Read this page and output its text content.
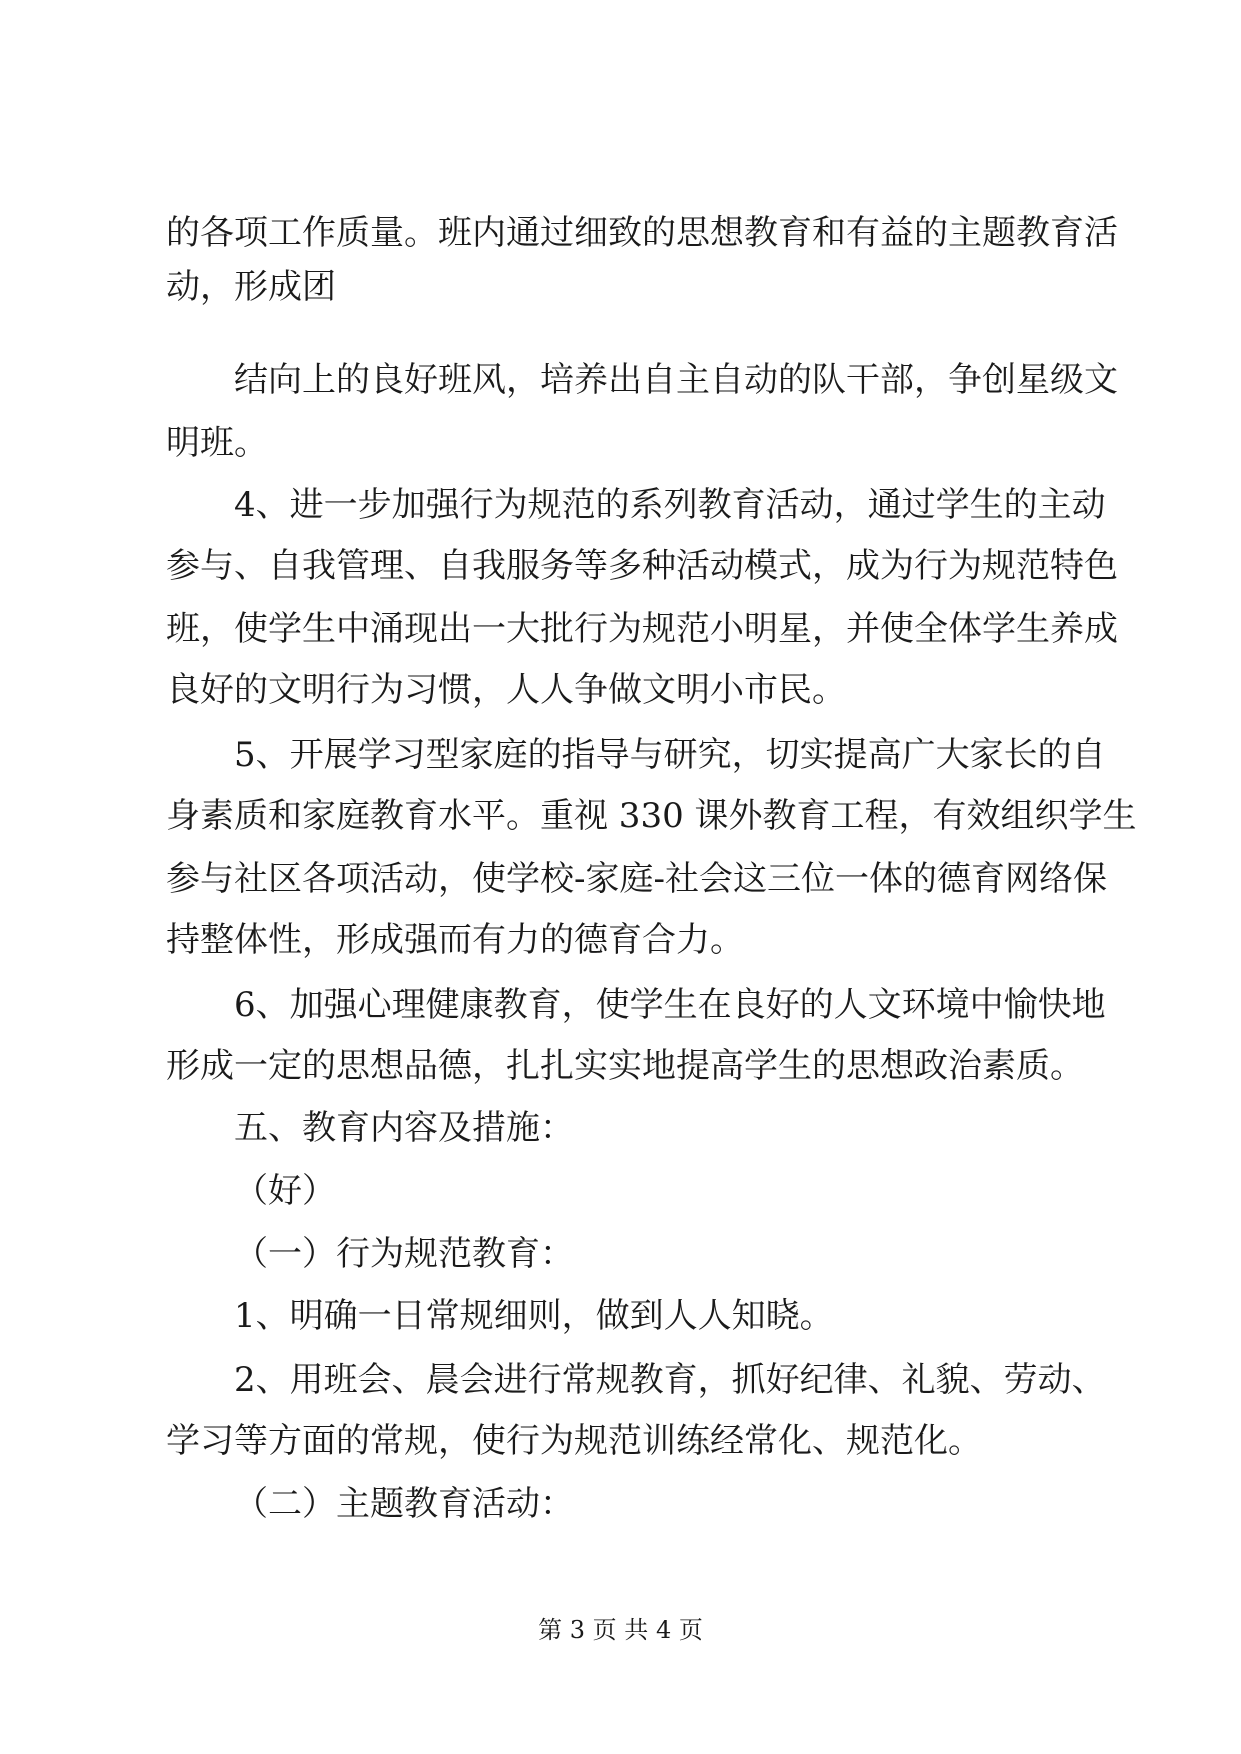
的各项工作质量。班内通过细致的思想教育和有益的主题教育活
动，形成团
结向上的良好班风，培养出自主自动的队干部，争创星级文
明班。
4、进一步加强行为规范的系列教育活动，通过学生的主动
参与、自我管理、自我服务等多种活动模式，成为行为规范特色
班，使学生中涌现出一大批行为规范小明星，并使全体学生养成
良好的文明行为习惯，人人争做文明小市民。
5、开展学习型家庭的指导与研究，切实提高广大家长的自
身素质和家庭教育水平。重视 330 课外教育工程，有效组织学生
参与社区各项活动，使学校-家庭-社会这三位一体的德育网络保
持整体性，形成强而有力的德育合力。
6、加强心理健康教育，使学生在良好的人文环境中愉快地
形成一定的思想品德，扎扎实实地提高学生的思想政治素质。
五、教育内容及措施：
（好）
（一）行为规范教育：
1、明确一日常规细则，做到人人知晓。
2、用班会、晨会进行常规教育，抓好纪律、礼貌、劳动、
学习等方面的常规，使行为规范训练经常化、规范化。
（二）主题教育活动：
第 3 页 共 4 页
